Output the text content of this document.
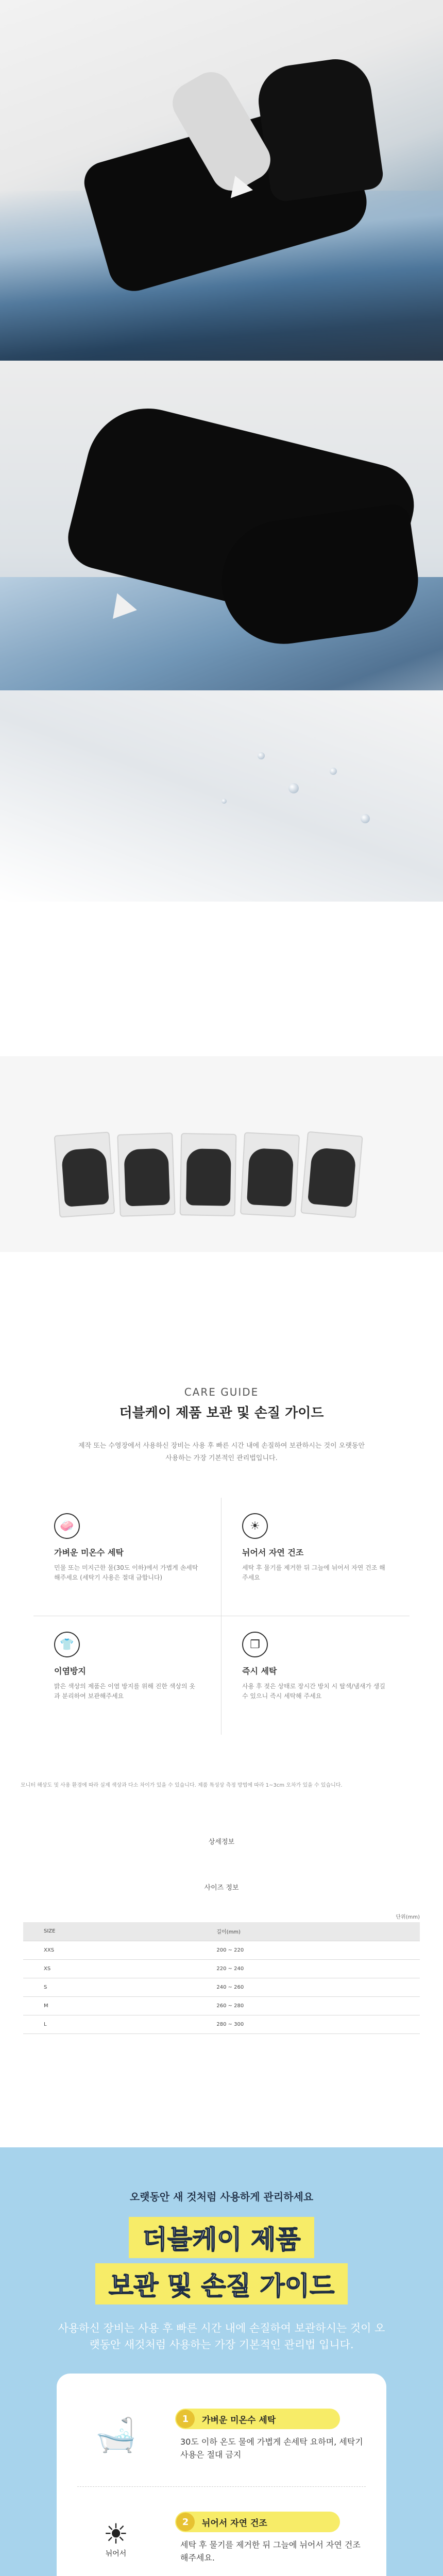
CARE GUIDE
더블케이 제품 보관 및 손질 가이드

제작 또는 수영장에서 사용하신 장비는 사용 후 빠른 시간 내에 손질하여 보관하시는 것이 오랫동안 사용하는 가장 기본적인 관리법입니다.

🧼
가벼운 미온수 세탁

민물 또는 미지근한 물(30도 이하)에서 가볍게 손세탁 해주세요 (세탁기 사용은 절대 금합니다)

☀
뉘어서 자연 건조

세탁 후 물기를 제거한 뒤 그늘에 뉘어서 자연 건조 해주세요

👕
이염방지

밝은 색상의 제품은 이염 방지를 위해 진한 색상의 옷과 분리하여 보관해주세요

❒
즉시 세탁

사용 후 젖은 상태로 장시간 방치 시 탈색/냄새가 생길 수 있으니 즉시 세탁해 주세요

모니터 해상도 및 사용 환경에 따라 실제 색상과 다소 차이가 있을 수 있습니다. 제품 특성상 측정 방법에 따라 1~3cm 오차가 있을 수 있습니다.

상세정보
사이즈 정보
단위(mm)
SIZE	길이(mm)
XXS	200 ~ 220
XS	220 ~ 240
S	240 ~ 260
M	260 ~ 280
L	280 ~ 300
오랫동안 새 것처럼 사용하게 관리하세요
더블케이 제품
보관 및 손질 가이드

사용하신 장비는 사용 후 빠른 시간 내에 손질하여 보관하시는 것이 오랫동안 새것처럼 사용하는 가장 기본적인 관리법 입니다.

🛁	1	가벼운 미온수 세탁

30도 이하 온도 물에 가볍게 손세탁 요하며, 세탁기 사용은 절대 금지

☀
뉘어서
2	뉘어서 자연 건조

세탁 후 물기를 제거한 뒤 그늘에 뉘어서 자연 건조 해주세요.
